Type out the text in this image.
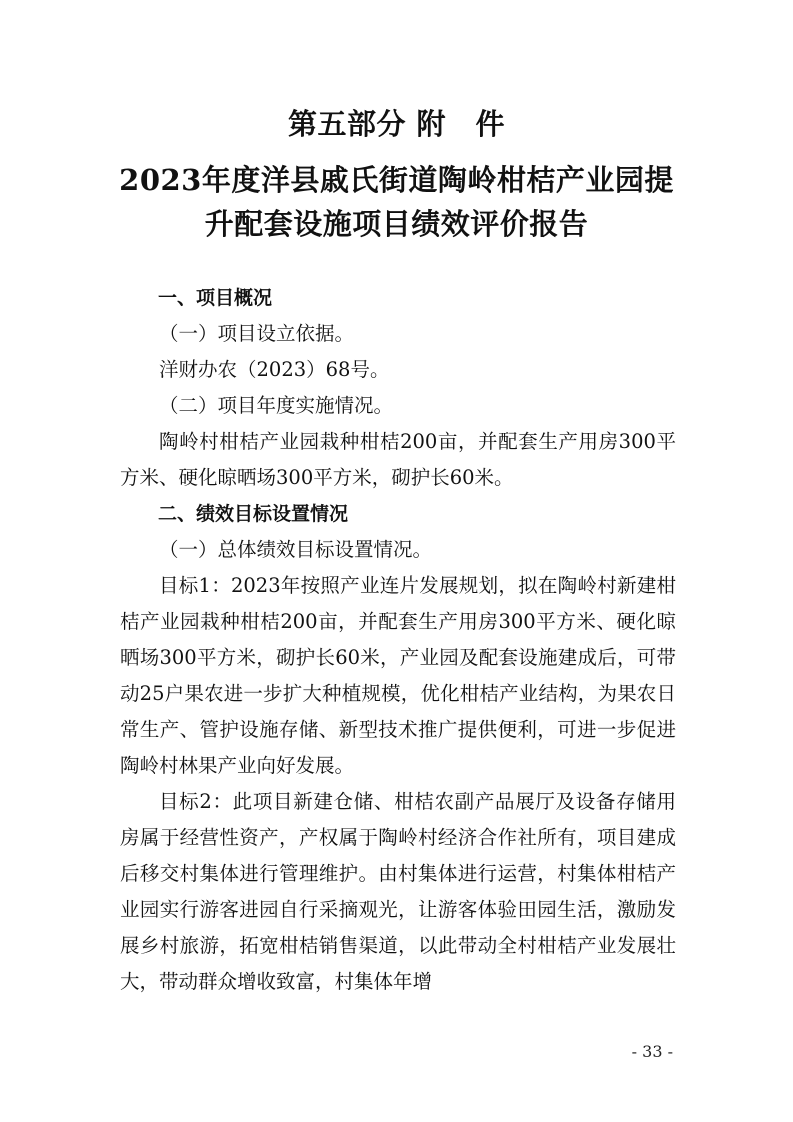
第五部分 附　件
2023年度洋县戚氏街道陶岭柑桔产业园提
升配套设施项目绩效评价报告

一、项目概况

（一）项目设立依据。

洋财办农（2023）68号。

（二）项目年度实施情况。

陶岭村柑桔产业园栽种柑桔200亩，并配套生产用房300平方米、硬化晾晒场300平方米，砌护长60米。

二、绩效目标设置情况

（一）总体绩效目标设置情况。

目标1：2023年按照产业连片发展规划，拟在陶岭村新建柑桔产业园栽种柑桔200亩，并配套生产用房300平方米、硬化晾晒场300平方米，砌护长60米，产业园及配套设施建成后，可带动25户果农进一步扩大种植规模，优化柑桔产业结构，为果农日常生产、管护设施存储、新型技术推广提供便利，可进一步促进陶岭村林果产业向好发展。

目标2：此项目新建仓储、柑桔农副产品展厅及设备存储用房属于经营性资产，产权属于陶岭村经济合作社所有，项目建成后移交村集体进行管理维护。由村集体进行运营，村集体柑桔产业园实行游客进园自行采摘观光，让游客体验田园生活，激励发展乡村旅游，拓宽柑桔销售渠道，以此带动全村柑桔产业发展壮大，带动群众增收致富，村集体年增

- 33 -
